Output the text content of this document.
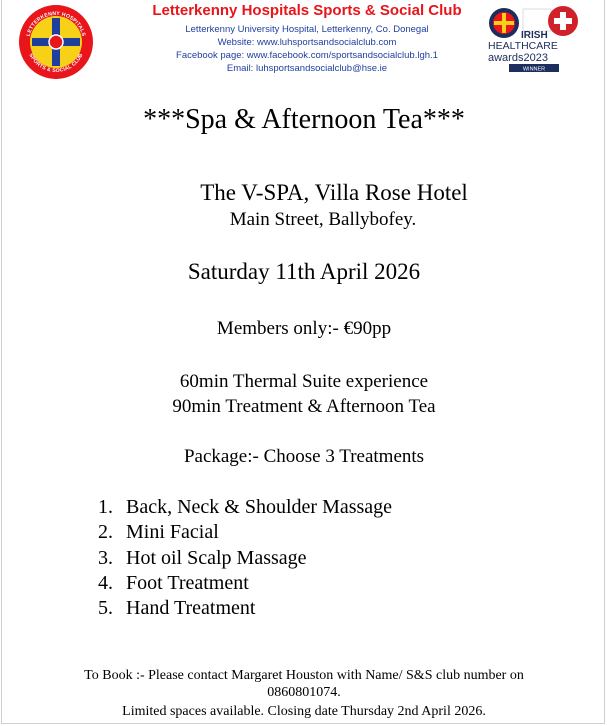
LETTERKENNY HOSPITALS
SPORTS & SOCIAL CLUB
Letterkenny Hospitals Sports & Social Club
Letterkenny University Hospital, Letterkenny, Co. Donegal
Website: www.luhsportsandsocialclub.com
Facebook page: www.facebook.com/sportsandsocialclub.lgh.1
Email: luhsportsandsocialclub@hse.ie
IRISH
HEALTHCARE
awards2023
WINNER
***Spa & Afternoon Tea***
The V-SPA, Villa Rose Hotel
Main Street, Ballybofey.
Saturday 11th April 2026
Members only:- €90pp
60min Thermal Suite experience
90min Treatment & Afternoon Tea
Package:- Choose 3 Treatments
1. Back, Neck & Shoulder Massage
2. Mini Facial
3. Hot oil Scalp Massage
4. Foot Treatment
5. Hand Treatment
To Book :- Please contact Margaret Houston with Name/ S&S club number on
0860801074.
Limited spaces available. Closing date Thursday 2nd April 2026.
